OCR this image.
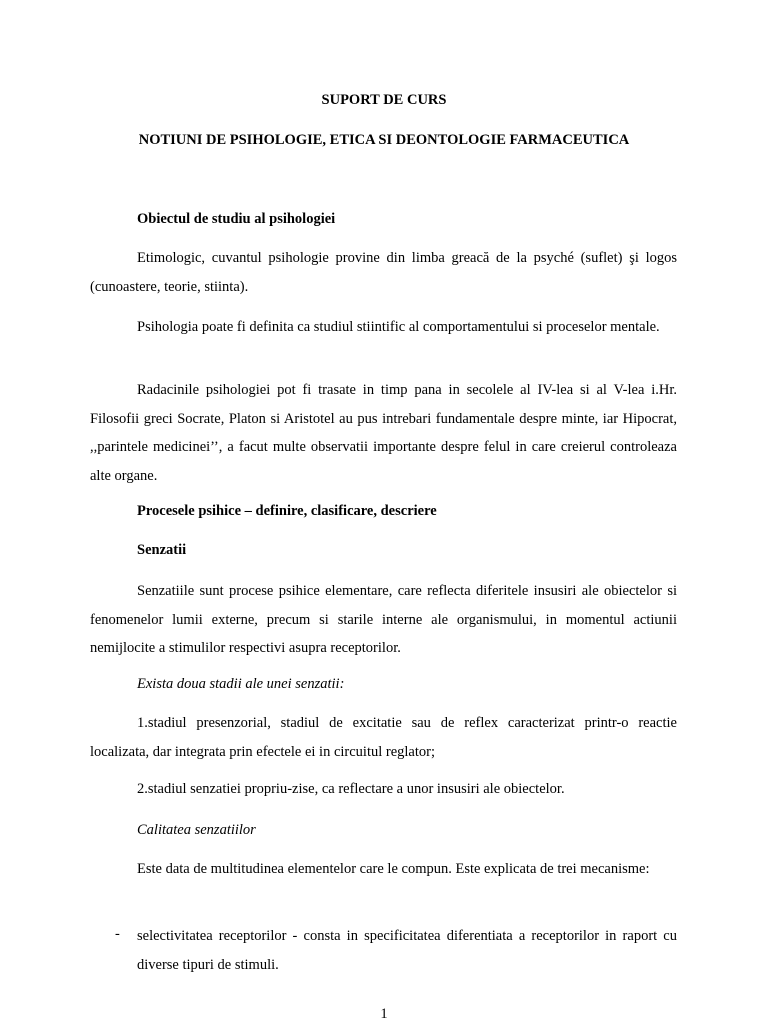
SUPORT DE CURS
NOTIUNI DE PSIHOLOGIE, ETICA SI DEONTOLOGIE FARMACEUTICA
Obiectul de studiu al psihologiei
Etimologic, cuvantul psihologie provine din limba greacă de la psyché (suflet) şi logos (cunoastere, teorie, stiinta).
Psihologia poate fi definita ca studiul stiintific al comportamentului si proceselor mentale.
Radacinile psihologiei pot fi trasate in timp pana in secolele al IV-lea si al V-lea i.Hr. Filosofii greci Socrate, Platon si Aristotel au pus intrebari fundamentale despre minte, iar Hipocrat, ,,parintele medicinei’’, a facut multe observatii importante despre felul in care creierul controleaza alte organe.
Procesele psihice – definire, clasificare, descriere
Senzatii
Senzatiile sunt procese psihice elementare, care reflecta diferitele insusiri ale obiectelor si fenomenelor lumii externe, precum si starile interne ale organismului, in momentul actiunii nemijlocite a stimulilor respectivi asupra receptorilor.
Exista doua stadii ale unei senzatii:
1.stadiul presenzorial, stadiul de excitatie sau de reflex caracterizat printr-o reactie localizata, dar integrata prin efectele ei in circuitul reglator;
2.stadiul senzatiei propriu-zise, ca reflectare a unor insusiri ale obiectelor.
Calitatea senzatiilor
Este data de multitudinea elementelor care le compun. Este explicata de trei mecanisme:
- selectivitatea receptorilor - consta in specificitatea diferentiata a receptorilor in raport cu diverse tipuri de stimuli.
1
